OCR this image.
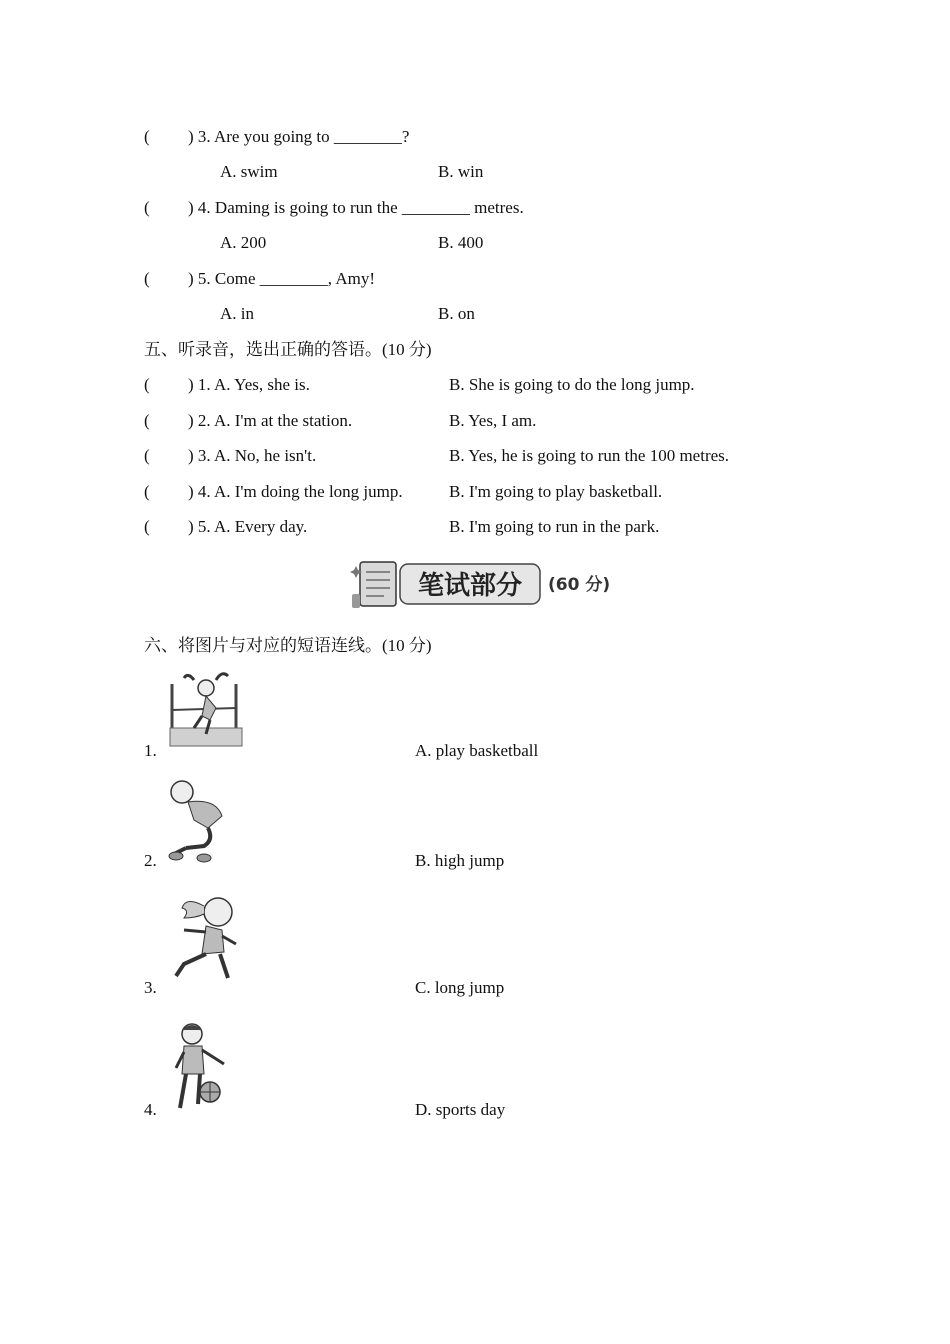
( ) 3. Are you going to ________?
A. swim	B. win
( ) 4. Daming is going to run the ________ metres.
A. 200	B. 400
( ) 5. Come ________, Amy!
A. in	B. on
五、听录音，选出正确的答语。(10 分)
( ) 1. A. Yes, she is.	B. She is going to do the long jump.
( ) 2. A. I'm at the station.	B. Yes, I am.
( ) 3. A. No, he isn't.	B. Yes, he is going to run the 100 metres.
( ) 4. A. I'm doing the long jump.	B. I'm going to play basketball.
( ) 5. A. Every day.	B. I'm going to run in the park.
笔试部分 (60 分)
六、将图片与对应的短语连线。(10 分)
1.	A. play basketball
2.	B. high jump
3.	C. long jump
4.	D. sports day
